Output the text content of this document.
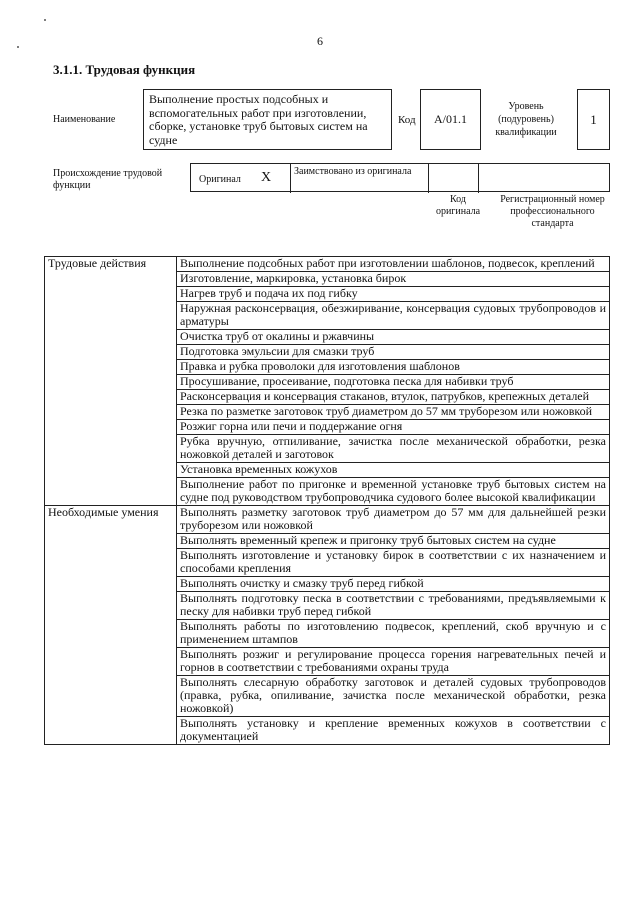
6
3.1.1. Трудовая функция
Наименование
Выполнение простых подсобных и вспомогательных работ при изготовлении, сборке, установке труб бытовых систем на судне
Код	A/01.1
Уровень (подуровень) квалификации
1
Происхождение трудовой функции
Оригинал X Заимствовано из оригинала
Код оригинала
Регистрационный номер профессионального стандарта
Трудовые действия	Выполнение подсобных работ при изготовлении шаблонов, подвесок, креплений
	Изготовление, маркировка, установка бирок
	Нагрев труб и подача их под гибку
	Наружная расконсервация, обезжиривание, консервация судовых трубопроводов и арматуры
	Очистка труб от окалины и ржавчины
	Подготовка эмульсии для смазки труб
	Правка и рубка проволоки для изготовления шаблонов
	Просушивание, просеивание, подготовка песка для набивки труб
	Расконсервация и консервация стаканов, втулок, патрубков, крепежных деталей
	Резка по разметке заготовок труб диаметром до 57 мм труборезом или ножовкой
	Розжиг горна или печи и поддержание огня
	Рубка вручную, отпиливание, зачистка после механической обработки, резка ножовкой деталей и заготовок
	Установка временных кожухов
	Выполнение работ по пригонке и временной установке труб бытовых систем на судне под руководством трубопроводчика судового более высокой квалификации
Необходимые умения	Выполнять разметку заготовок труб диаметром до 57 мм для дальнейшей резки труборезом или ножовкой
	Выполнять временный крепеж и пригонку труб бытовых систем на судне
	Выполнять изготовление и установку бирок в соответствии с их назначением и способами крепления
	Выполнять очистку и смазку труб перед гибкой
	Выполнять подготовку песка в соответствии с требованиями, предъявляемыми к песку для набивки труб перед гибкой
	Выполнять работы по изготовлению подвесок, креплений, скоб вручную и с применением штампов
	Выполнять розжиг и регулирование процесса горения нагревательных печей и горнов в соответствии с требованиями охраны труда
	Выполнять слесарную обработку заготовок и деталей судовых трубопроводов (правка, рубка, опиливание, зачистка после механической обработки, резка ножовкой)
	Выполнять установку и крепление временных кожухов в соответствии с документацией
